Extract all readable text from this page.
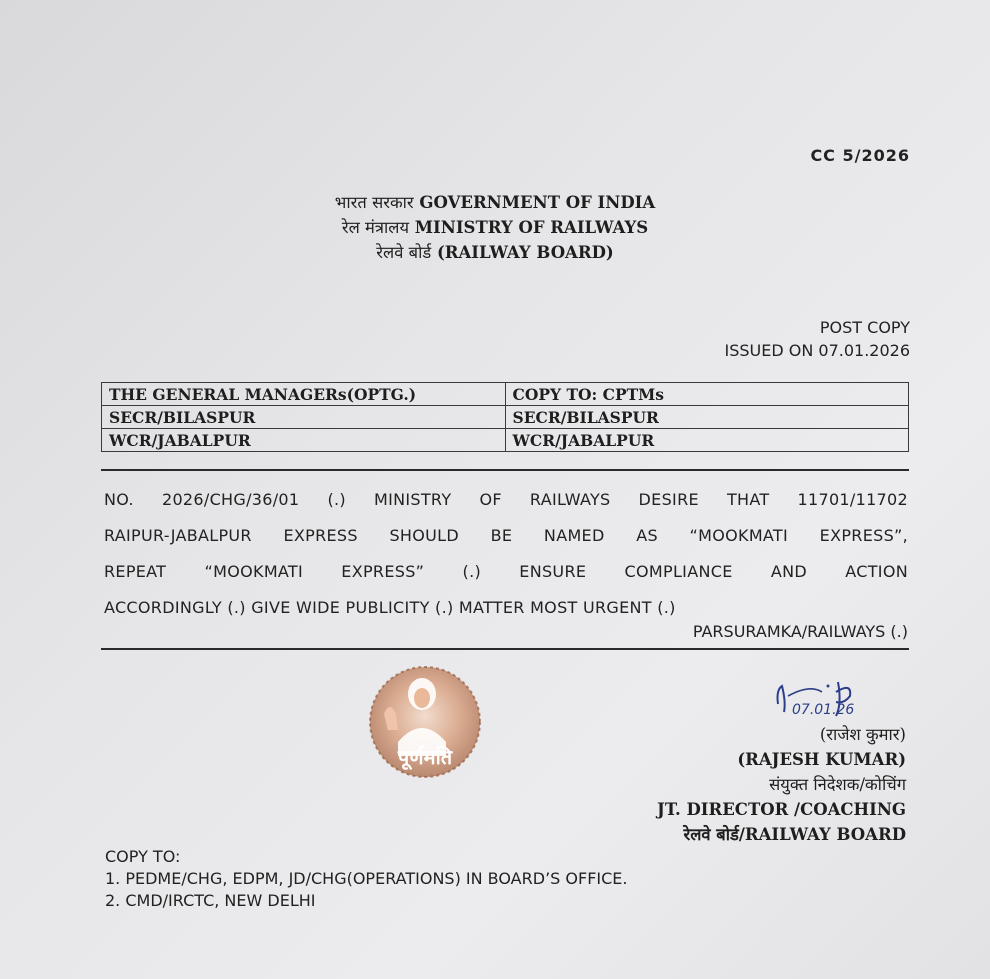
CC 5/2026
भारत सरकार GOVERNMENT OF INDIA
रेल मंत्रालय MINISTRY OF RAILWAYS
रेलवे बोर्ड (RAILWAY BOARD)
POST COPY
ISSUED ON 07.01.2026
THE GENERAL MANAGERs(OPTG.)	COPY TO: CPTMs
SECR/BILASPUR	SECR/BILASPUR
WCR/JABALPUR	WCR/JABALPUR
NO. 2026/CHG/36/01 (.) MINISTRY OF RAILWAYS DESIRE THAT 11701/11702
RAIPUR-JABALPUR EXPRESS SHOULD BE NAMED AS “MOOKMATI EXPRESS”,
REPEAT “MOOKMATI EXPRESS” (.) ENSURE COMPLIANCE AND ACTION
ACCORDINGLY (.) GIVE WIDE PUBLICITY (.) MATTER MOST URGENT (.)
PARSURAMKA/RAILWAYS (.)
पूर्णमति
07.01.26
(राजेश कुमार)
(RAJESH KUMAR)
संयुक्त निदेशक/कोचिंग
JT. DIRECTOR /COACHING
रेलवे बोर्ड/RAILWAY BOARD
COPY TO:
1. PEDME/CHG, EDPM, JD/CHG(OPERATIONS) IN BOARD’S OFFICE.
2. CMD/IRCTC, NEW DELHI
